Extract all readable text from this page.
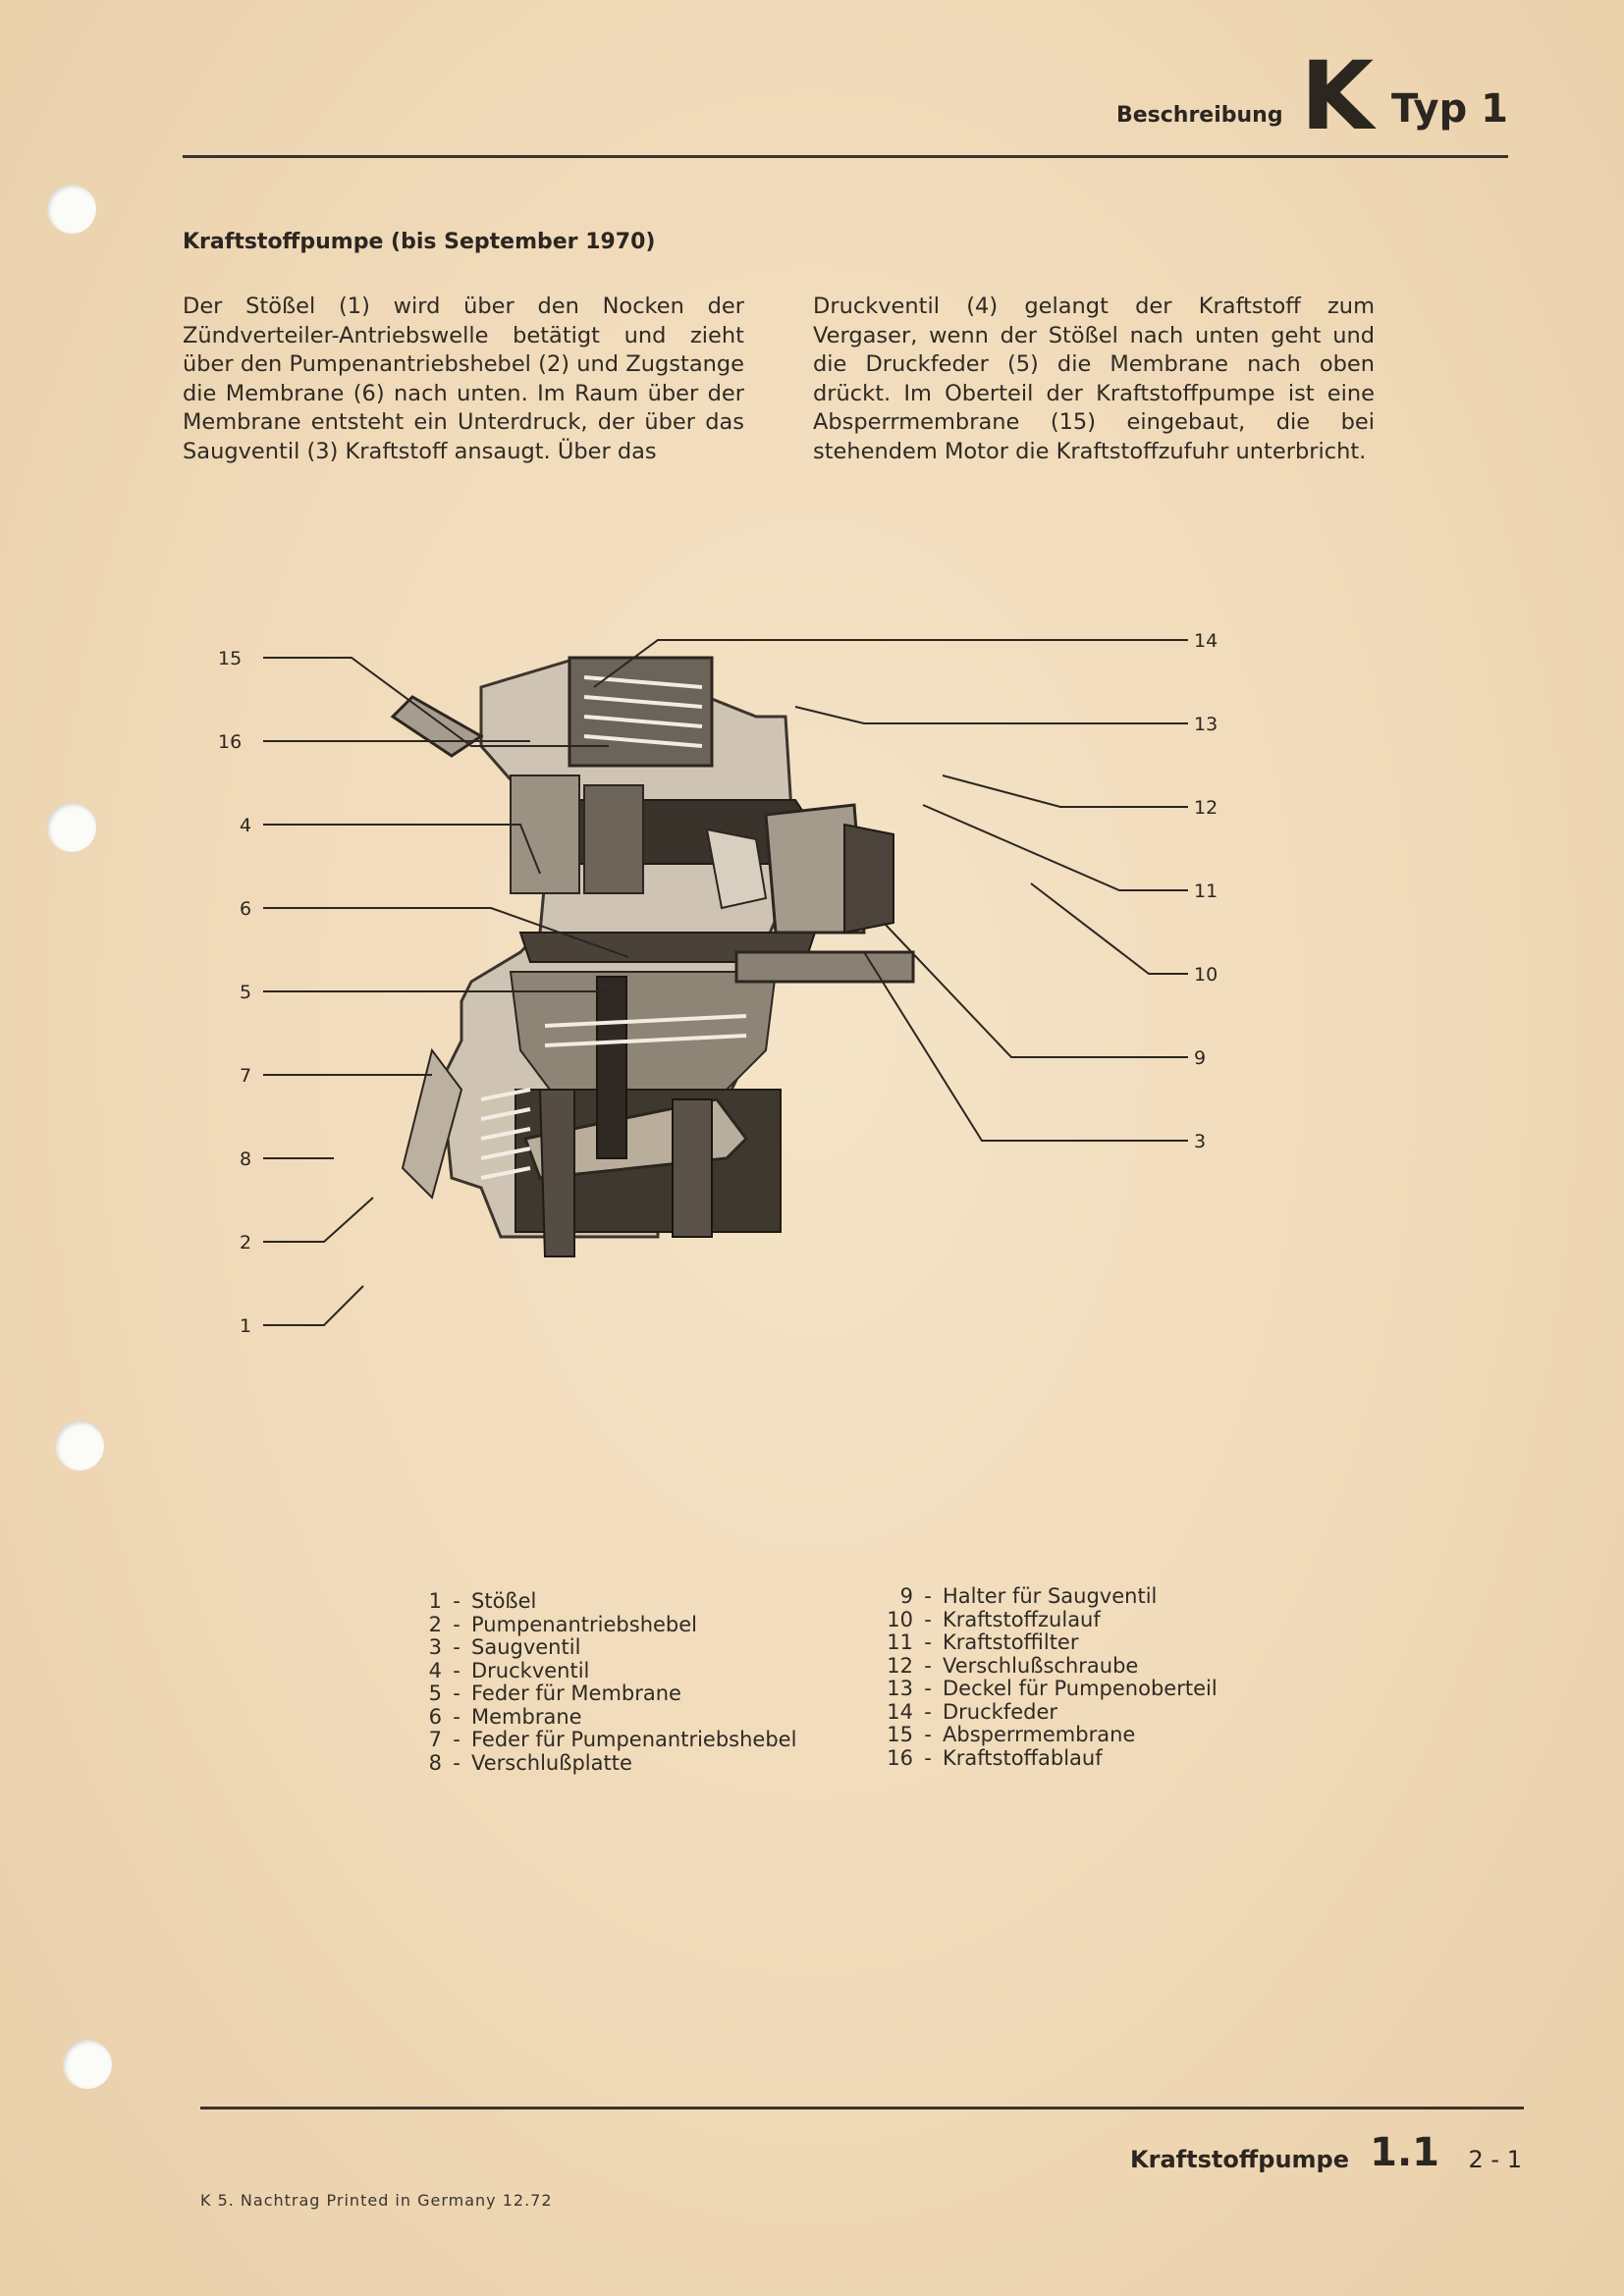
Beschreibung K Typ 1
Kraftstoffpumpe (bis September 1970)
Der Stößel (1) wird über den Nocken der Zündverteiler-Antriebswelle betätigt und zieht über den Pumpenantriebshebel (2) und Zugstange die Membrane (6) nach unten. Im Raum über der Membrane entsteht ein Unterdruck, der über das Saugventil (3) Kraftstoff ansaugt. Über das
Druckventil (4) gelangt der Kraftstoff zum Vergaser, wenn der Stößel nach unten geht und die Druckfeder (5) die Membrane nach oben drückt. Im Oberteil der Kraftstoffpumpe ist eine Absperrmembrane (15) eingebaut, die bei stehendem Motor die Kraftstoffzufuhr unterbricht.
15
16
4
6
5
7
8
2
1
14
13
12
11
10
9
3
1 - Stößel
2 - Pumpenantriebshebel
3 - Saugventil
4 - Druckventil
5 - Feder für Membrane
6 - Membrane
7 - Feder für Pumpenantriebshebel
8 - Verschlußplatte
9 - Halter für Saugventil
10 - Kraftstoffzulauf
11 - Kraftstoffilter
12 - Verschlußschraube
13 - Deckel für Pumpenoberteil
14 - Druckfeder
15 - Absperrmembrane
16 - Kraftstoffablauf
Kraftstoffpumpe 1.1 2 - 1
K 5. Nachtrag Printed in Germany 12.72
